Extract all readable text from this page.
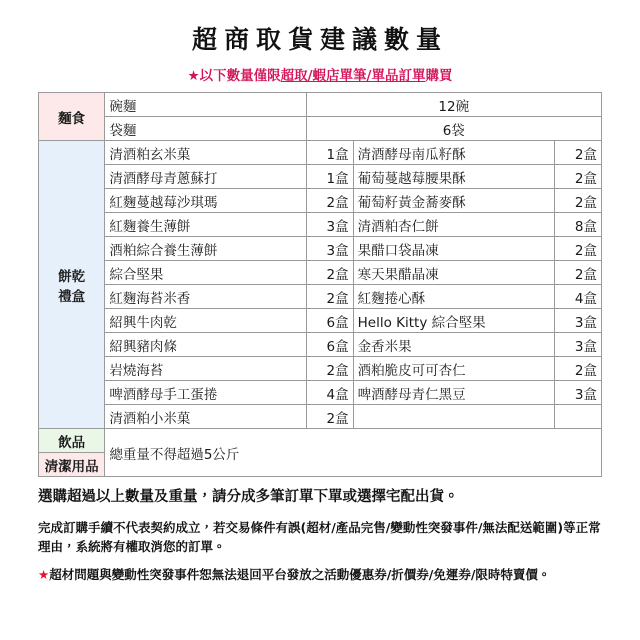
超商取貨建議數量
★以下數量僅限超取/蝦店單筆/單品訂單購買
麵食	碗麵	12碗		
	袋麵	6袋		

餅乾
禮盒	清酒粕玄米菓	1盒	清酒酵母南瓜籽酥	2盒
	清酒酵母青蔥蘇打	1盒	葡萄蔓越莓腰果酥	2盒
	紅麴蔓越莓沙琪瑪	2盒	葡萄籽黃金蕎麥酥	2盒
	紅麴養生薄餅	3盒	清酒粕杏仁餅	8盒
	酒粕綜合養生薄餅	3盒	果醋口袋晶凍	2盒
	綜合堅果	2盒	寒天果醋晶凍	2盒
	紅麴海苔米香	2盒	紅麴捲心酥	4盒
	紹興牛肉乾	6盒	Hello Kitty 綜合堅果	3盒
	紹興豬肉條	6盒	金香米果	3盒
	岩燒海苔	2盒	酒粕脆皮可可杏仁	2盒
	啤酒酵母手工蛋捲	4盒	啤酒酵母青仁黑豆	3盒
	清酒粕小米菓	2盒		
飲品	總重量不得超過5公斤			
清潔用品				
選購超過以上數量及重量，請分成多筆訂單下單或選擇宅配出貨。
完成訂購手續不代表契約成立，若交易條件有誤(超材/產品完售/變動性突發事件/無法配送範圍)等正常理由，系統將有權取消您的訂單。
★超材問題與變動性突發事件恕無法退回平台發放之活動優惠券/折價券/免運券/限時特賣價。
